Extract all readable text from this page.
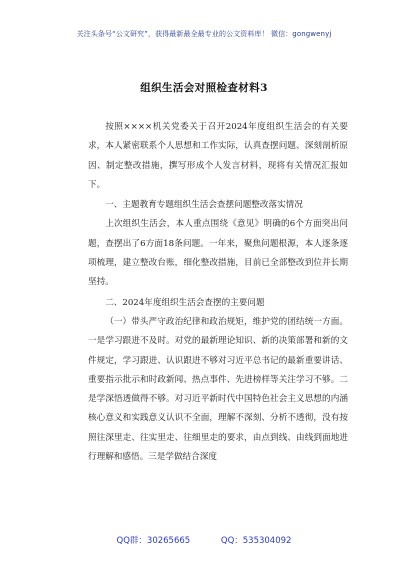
关注头条号“公文研究”，获得最新最全最专业的公文资料库！ 微信：gongwenyj
组织生活会对照检查材料3

按照××××机关党委关于召开2024年度组织生活会的有关要求，本人紧密联系个人思想和工作实际，认真查摆问题、深刻剖析原因、制定整改措施，撰写形成个人发言材料，现将有关情况汇报如下。

一、主题教育专题组织生活会查摆问题整改落实情况

上次组织生活会，本人重点围绕《意见》明确的6个方面突出问题，查摆出了6方面18条问题。一年来，聚焦问题根源，本人逐条逐项梳理，建立整改台账，细化整改措施，目前已全部整改到位并长期坚持。

二、2024年度组织生活会查摆的主要问题

（一）带头严守政治纪律和政治规矩，维护党的团结统一方面。一是学习跟进不及时。对党的最新理论知识、新的决策部署和新的文件规定，学习跟进、认识跟进不够对习近平总书记的最新重要讲话、重要指示批示和时政新闻、热点事件、先进榜样等关注学习不够。二是学深悟透做得不够。对习近平新时代中国特色社会主义思想的内涵核心意义和实践意义认识不全面，理解不深刻、分析不透彻，没有按照往深里走、往实里走、往细里走的要求，由点到线、由线到面地进行理解和感悟。三是学做结合深度

QQ群：30265665	QQ：535304092
